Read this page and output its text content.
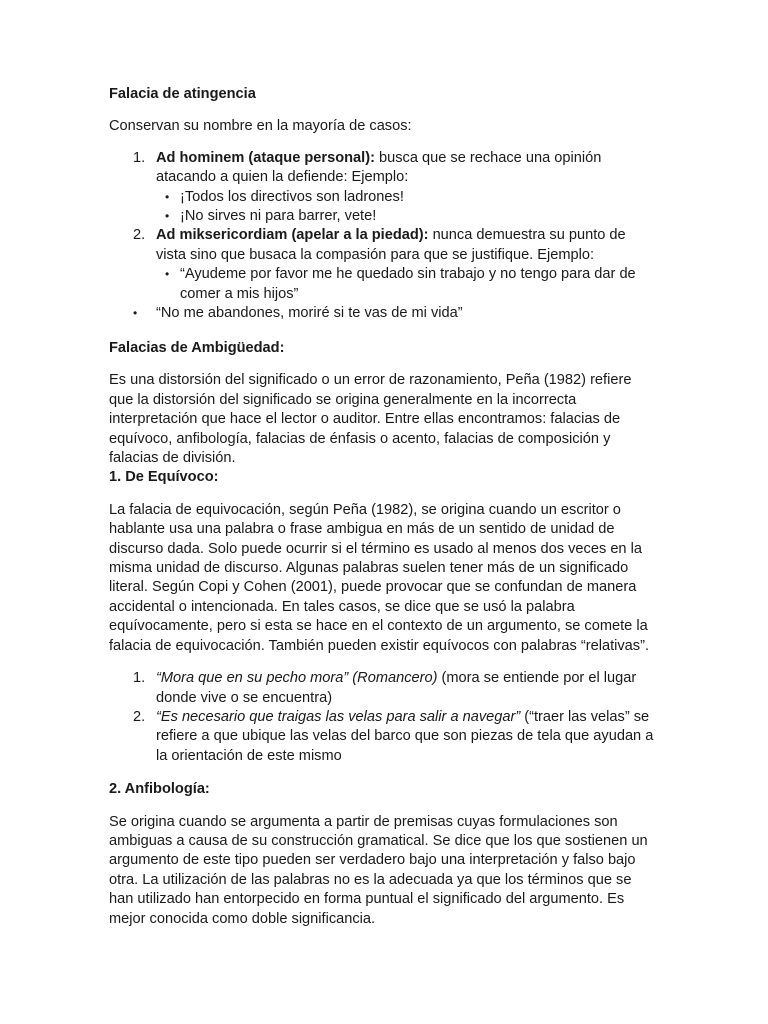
Falacia de atingencia

Conservan su nombre en la mayoría de casos:

1. Ad hominem (ataque personal): busca que se rechace una opinión atacando a quien la defiende: Ejemplo:
• ¡Todos los directivos son ladrones!
• ¡No sirves ni para barrer, vete!
2. Ad miksericordiam (apelar a la piedad): nunca demuestra su punto de vista sino que busaca la compasión para que se justifique. Ejemplo:
• “Ayudeme por favor me he quedado sin trabajo y no tengo para dar de comer a mis hijos”
• “No me abandones, moriré si te vas de mi vida”

Falacias de Ambigüedad:

Es una distorsión del significado o un error de razonamiento, Peña (1982) refiere que la distorsión del significado se origina generalmente en la incorrecta interpretación que hace el lector o auditor. Entre ellas encontramos: falacias de equívoco, anfibología, falacias de énfasis o acento, falacias de composición y falacias de división.

1. De Equívoco:

La falacia de equivocación, según Peña (1982), se origina cuando un escritor o hablante usa una palabra o frase ambigua en más de un sentido de unidad de discurso dada. Solo puede ocurrir si el término es usado al menos dos veces en la misma unidad de discurso. Algunas palabras suelen tener más de un significado literal. Según Copi y Cohen (2001), puede provocar que se confundan de manera accidental o intencionada. En tales casos, se dice que se usó la palabra equívocamente, pero si esta se hace en el contexto de un argumento, se comete la falacia de equivocación. También pueden existir equívocos con palabras “relativas”.

1. “Mora que en su pecho mora” (Romancero) (mora se entiende por el lugar donde vive o se encuentra)
2. “Es necesario que traigas las velas para salir a navegar” (“traer las velas” se refiere a que ubique las velas del barco que son piezas de tela que ayudan a la orientación de este mismo

2. Anfibología:

Se origina cuando se argumenta a partir de premisas cuyas formulaciones son ambiguas a causa de su construcción gramatical. Se dice que los que sostienen un argumento de este tipo pueden ser verdadero bajo una interpretación y falso bajo otra. La utilización de las palabras no es la adecuada ya que los términos que se han utilizado han entorpecido en forma puntual el significado del argumento. Es mejor conocida como doble significancia.
